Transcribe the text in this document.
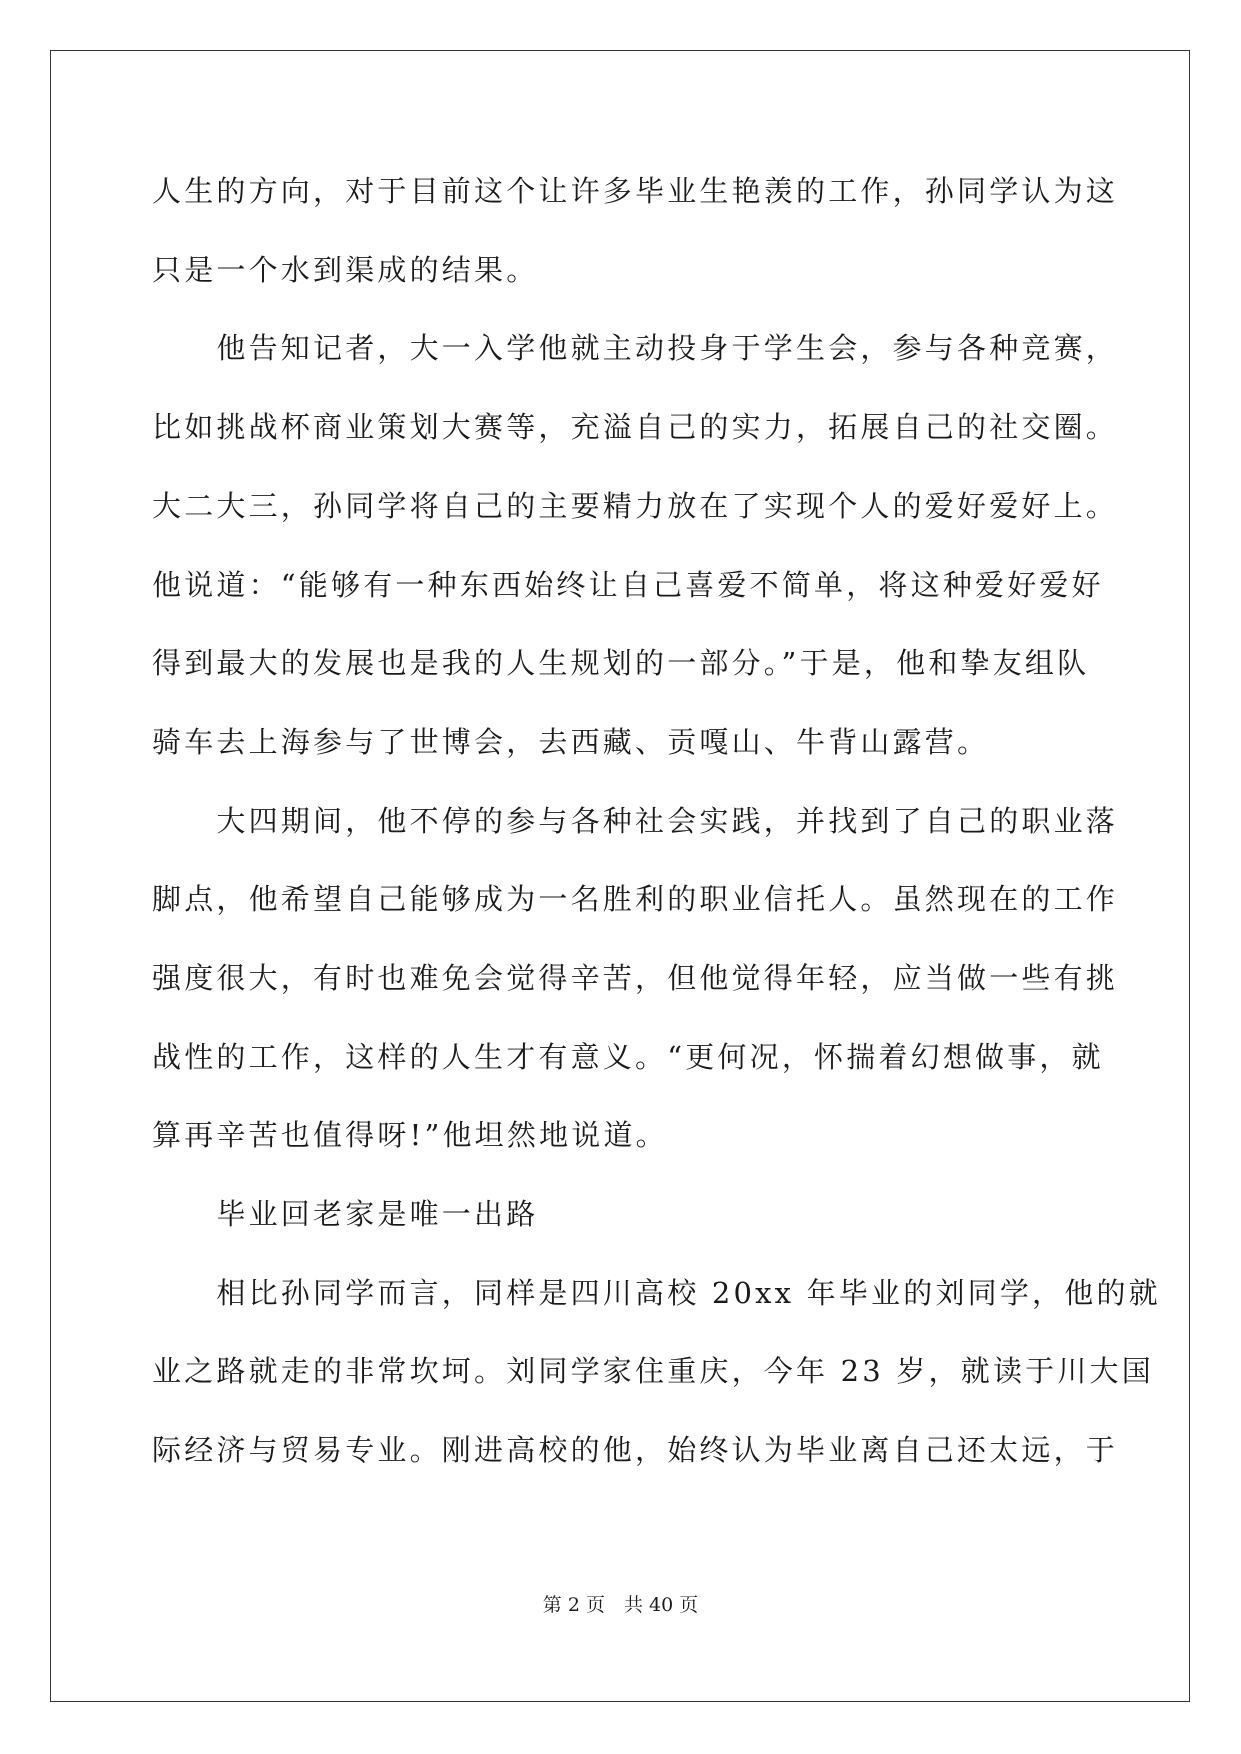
人生的方向，对于目前这个让许多毕业生艳羡的工作，孙同学认为这
只是一个水到渠成的结果。
　　他告知记者，大一入学他就主动投身于学生会，参与各种竞赛，
比如挑战杯商业策划大赛等，充溢自己的实力，拓展自己的社交圈。
大二大三，孙同学将自己的主要精力放在了实现个人的爱好爱好上。
他说道：“能够有一种东西始终让自己喜爱不简单，将这种爱好爱好
得到最大的发展也是我的人生规划的一部分。”于是，他和挚友组队
骑车去上海参与了世博会，去西藏、贡嘎山、牛背山露营。
　　大四期间，他不停的参与各种社会实践，并找到了自己的职业落
脚点，他希望自己能够成为一名胜利的职业信托人。虽然现在的工作
强度很大，有时也难免会觉得辛苦，但他觉得年轻，应当做一些有挑
战性的工作，这样的人生才有意义。“更何况，怀揣着幻想做事，就
算再辛苦也值得呀!”他坦然地说道。
　　毕业回老家是唯一出路
　　相比孙同学而言，同样是四川高校 20xx 年毕业的刘同学，他的就
业之路就走的非常坎坷。刘同学家住重庆，今年 23 岁，就读于川大国
际经济与贸易专业。刚进高校的他，始终认为毕业离自己还太远，于
第 2 页　共 40 页
